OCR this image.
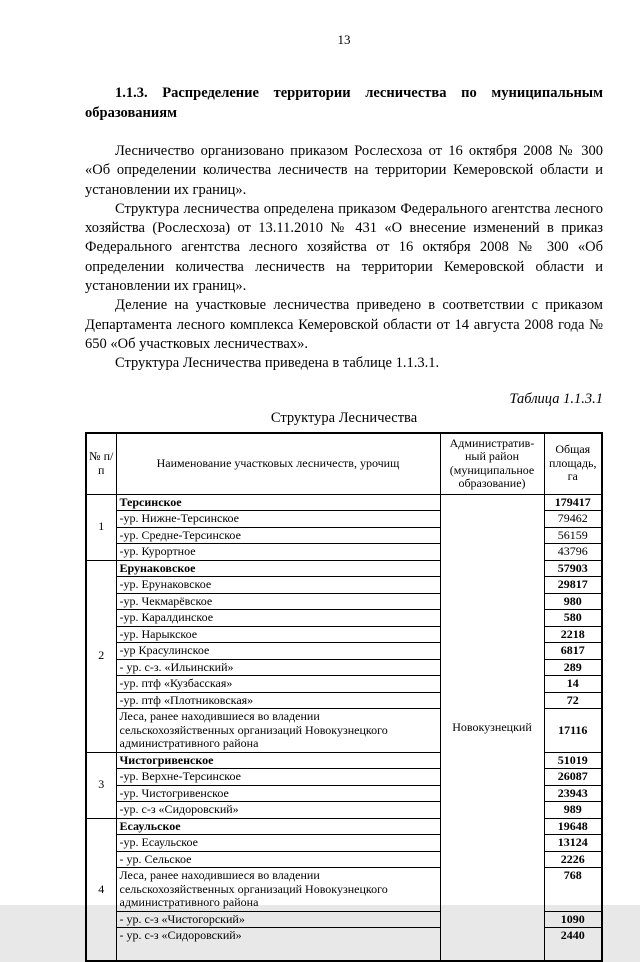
13
1.1.3. Распределение территории лесничества по муниципальным образованиям

Лесничество организовано приказом Рослесхоза от 16 октября 2008 № 300 «Об определении количества лесничеств на территории Кемеровской области и установлении их границ».

Структура лесничества определена приказом Федерального агентства лесного хозяйства (Рослесхоза) от 13.11.2010 № 431 «О внесение изменений в приказ Федерального агентства лесного хозяйства от 16 октября 2008 № 300 «Об определении количества лесничеств на территории Кемеровской области и установлении их границ».

Деление на участковые лесничества приведено в соответствии с приказом Департамента лесного комплекса Кемеровской области от 14 августа 2008 года № 650 «Об участковых лесничествах».

Структура Лесничества приведена в таблице 1.1.3.1.

Таблица 1.1.3.1
Структура Лесничества
№ п/п	Наименование участковых лесничеств, урочищ	Административ-ный район (муниципальное образование)	Общая площадь, га
1	Терсинское	Новокузнецкий	179417
	-ур. Нижне-Терсинское		79462
	-ур. Средне-Терсинское		56159
	-ур. Курортное		43796
2	Ерунаковское		57903
	-ур. Ерунаковское		29817
	-ур. Чекмарёвское		980
	-ур. Каралдинское		580
	-ур. Нарыкское		2218
	-ур Красулинское		6817
	- ур. с-з. «Ильинский»		289
	-ур. птф «Кузбасская»		14
	-ур. птф «Плотниковская»		72
	Леса, ранее находившиеся во владении сельскохозяйственных организаций Новокузнецкого административного района		17116
3	Чистогривенское		51019
	-ур. Верхне-Терсинское		26087
	-ур. Чистогривенское		23943
	-ур. с-з «Сидоровский»		989
4	Есаульское		19648
	-ур. Есаульское		13124
	- ур. Сельское		2226
	Леса, ранее находившиеся во владении сельскохозяйственных организаций Новокузнецкого административного района		768
	- ур. с-з «Чистогорский»		1090
	- ур. с-з «Сидоровский»		2440
